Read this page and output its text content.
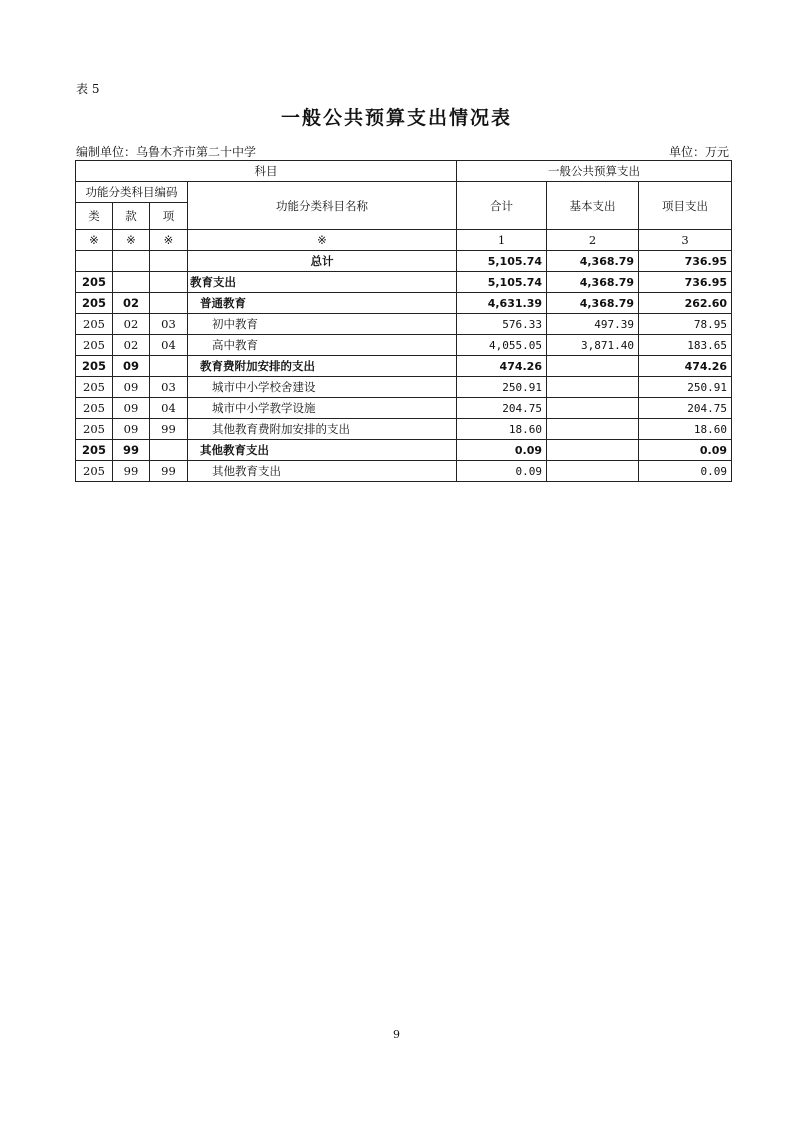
表 5
一般公共预算支出情况表
编制单位：乌鲁木齐市第二十中学	单位：万元
科目				一般公共预算支出		
功能分类科目编码			功能分类科目名称	合计	基本支出	项目支出
类	款	项				
※	※	※	※	1	2	3
			总计	5,105.74	4,368.79	736.95
205			教育支出	5,105.74	4,368.79	736.95
205	02		普通教育	4,631.39	4,368.79	262.60
205	02	03	初中教育	576.33	497.39	78.95
205	02	04	高中教育	4,055.05	3,871.40	183.65
205	09		教育费附加安排的支出	474.26		474.26
205	09	03	城市中小学校舍建设	250.91		250.91
205	09	04	城市中小学教学设施	204.75		204.75
205	09	99	其他教育费附加安排的支出	18.60		18.60
205	99		其他教育支出	0.09		0.09
205	99	99	其他教育支出	0.09		0.09
9
